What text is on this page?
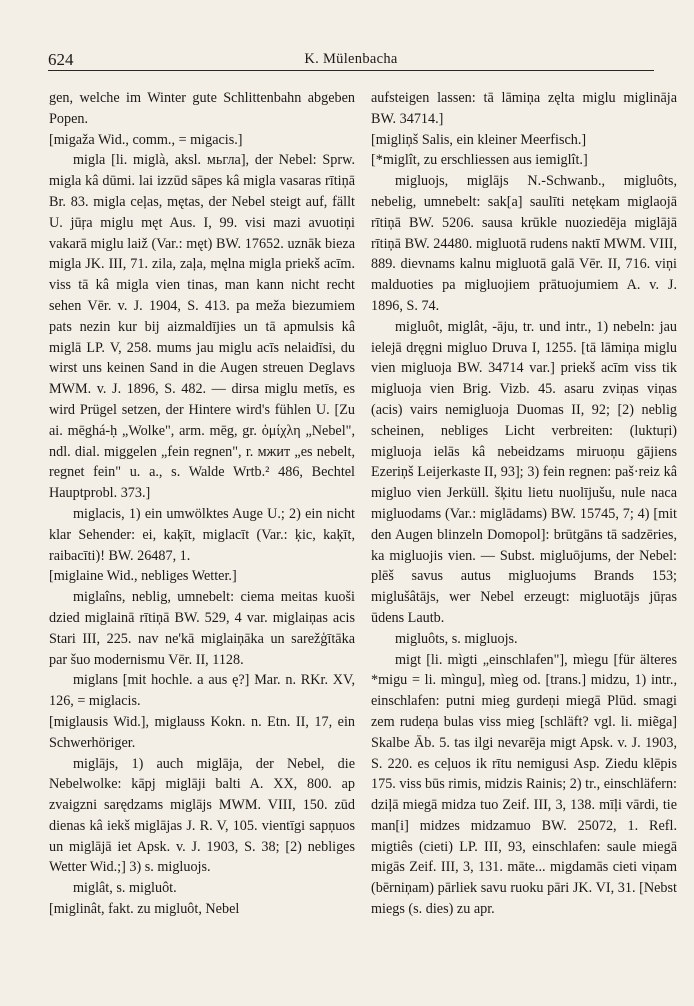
624	K. Mülenbacha

gen, welche im Winter gute Schlittenbahn abgeben Popen.

[migaža Wid., comm., = migacis.]

migla [li. miglà, aksl. мьгла], der Nebel: Sprw. migla kâ dūmi. lai izzūd sāpes kâ migla vasaras rītiņā Br. 83. migla ceļas, mętas, der Nebel steigt auf, fällt U. jūŗa miglu męt Aus. I, 99. visi mazi avuotiņi vakarā miglu laiž (Var.: męt) BW. 17652. uznāk bieza migla JK. III, 71. zila, zaļa, męlna migla priekš acīm. viss tā kâ migla vien tinas, man kann nicht recht sehen Vēr. v. J. 1904, S. 413. pa meža biezumiem pats nezin kur bij aizmaldījies un tā apmulsis kâ miglā LP. V, 258. mums jau miglu acīs nelaidīsi, du wirst uns keinen Sand in die Augen streuen Deglavs MWM. v. J. 1896, S. 482. — dirsa miglu metīs, es wird Prügel setzen, der Hintere wird's fühlen U. [Zu ai. mēghá-ḥ „Wolke", arm. mēg, gr. ὀμίχλη „Nebel", ndl. dial. miggelen „fein regnen", r. мжит „es nebelt, regnet fein" u. a., s. Walde Wrtb.² 486, Bechtel Hauptprobl. 373.]

miglacis, 1) ein umwölktes Auge U.; 2) ein nicht klar Sehender: ei, kaķīt, miglacīt (Var.: ķic, kaķīt, raibacīti)! BW. 26487, 1.

[miglaine Wid., nebliges Wetter.]

miglaîns, neblig, umnebelt: ciema meitas kuoši dzied miglainā rītiņā BW. 529, 4 var. miglaiņas acis Stari III, 225. nav ne'kā miglaiņāka un sarežģītāka par šuo modernismu Vēr. II, 1128.

miglans [mit hochle. a aus ę?] Mar. n. RKr. XV, 126, = miglacis.

[miglausis Wid.], miglauss Kokn. n. Etn. II, 17, ein Schwerhöriger.

miglājs, 1) auch miglāja, der Nebel, die Nebelwolke: kāpj miglāji balti A. XX, 800. ap zvaigzni sarędzams miglājs MWM. VIII, 150. zūd dienas kâ iekš miglājas J. R. V, 105. vientīgi sapņuos un miglājā iet Apsk. v. J. 1903, S. 38; [2) nebliges Wetter Wid.;] 3) s. migluojs.

miglât, s. migluôt.

[miglinât, fakt. zu migluôt, Nebel

aufsteigen lassen: tā lāmiņa zęlta miglu miglināja BW. 34714.]

[migliņš Salis, ein kleiner Meerfisch.]

[*miglît, zu erschliessen aus iemiglît.]

migluojs, miglājs N.-Schwanb., migluôts, nebelig, umnebelt: sak[a] saulīti netękam miglaojā rītiņā BW. 5206. sausa krūkle nuoziedēja miglājā rītiņā BW. 24480. migluotā rudens naktī MWM. VIII, 889. dievnams kalnu migluotā galā Vēr. II, 716. viņi malduoties pa migluojiem prātuojumiem A. v. J. 1896, S. 74.

migluôt, miglât, -āju, tr. und intr., 1) nebeln: jau ielejā dręgni migluo Druva I, 1255. [tā lāmiņa miglu vien migluoja BW. 34714 var.] priekš acīm viss tik migluoja vien Brig. Vizb. 45. asaru zviņas viņas (acis) vairs nemigluoja Duomas II, 92; [2) neblig scheinen, nebliges Licht verbreiten: (luktuŗi) migluoja ielās kâ nebeidzams miruoņu gājiens Ezeriņš Leijerkaste II, 93]; 3) fein regnen: paš·reiz kâ migluo vien Jerküll. šķitu lietu nuolījušu, nule naca migluodams (Var.: miglādams) BW. 15745, 7; 4) [mit den Augen blinzeln Domopol]: brūtgāns tā sadzēries, ka migluojis vien. — Subst. migluōjums, der Nebel: plēš savus autus migluojums Brands 153; miglušâtājs, wer Nebel erzeugt: migluotājs jūŗas ūdens Lautb.

migluôts, s. migluojs.

migt [li. mìgti „einschlafen"], mìegu [für älteres *migu = li. mìngu], mìeg od. [trans.] midzu, 1) intr., einschlafen: putni mieg gurdeņi miegā Plūd. smagi zem rudeņa bulas viss mieg [schläft? vgl. li. miẽga] Skalbe Āb. 5. tas ilgi nevarēja migt Apsk. v. J. 1903, S. 220. es ceļuos ik rītu nemigusi Asp. Ziedu klēpis 175. viss būs rimis, midzis Rainis; 2) tr., einschläfern: dziļā miegā midza tuo Zeif. III, 3, 138. mīļi vārdi, tie man[i] midzes midzamuo BW. 25072, 1. Refl. migtiês (cieti) LP. III, 93, einschlafen: saule miegā migās Zeif. III, 3, 131. māte... migdamās cieti viņam (bērniņam) pārliek savu ruoku pāri JK. VI, 31. [Nebst miegs (s. dies) zu apr.
